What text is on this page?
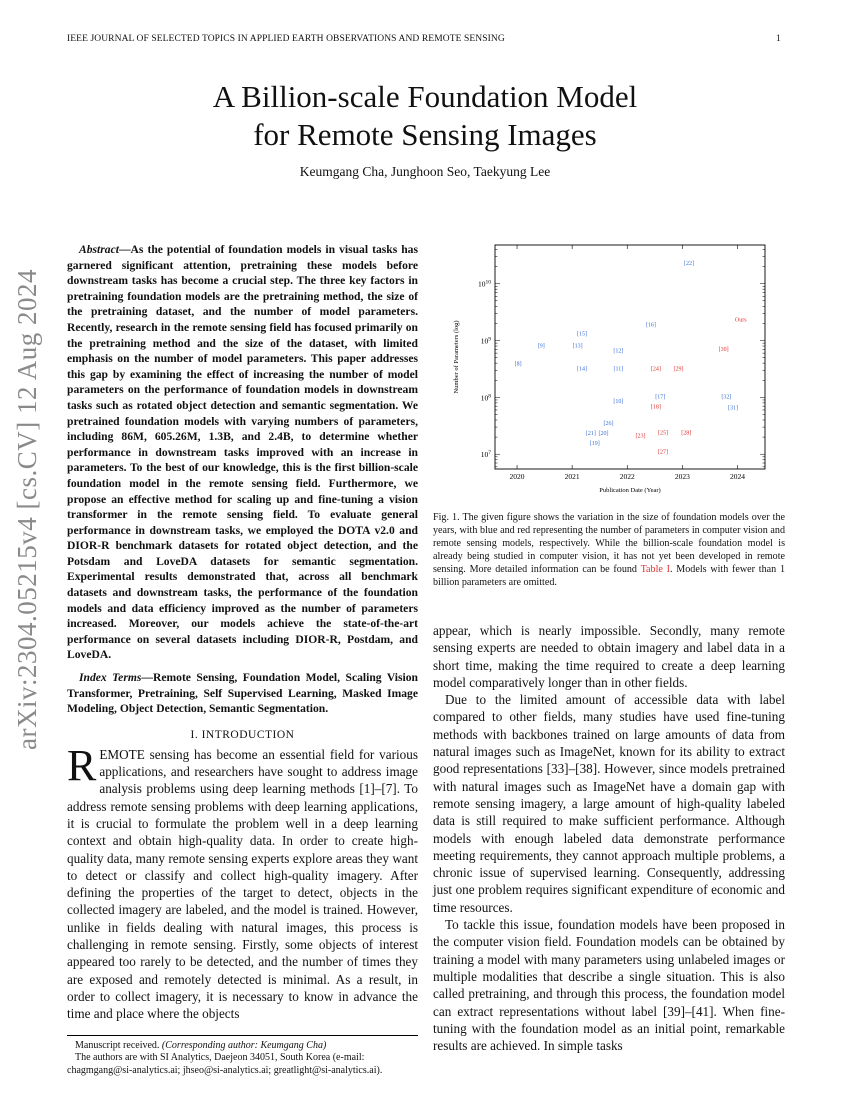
IEEE JOURNAL OF SELECTED TOPICS IN APPLIED EARTH OBSERVATIONS AND REMOTE SENSING	1
A Billion-scale Foundation Model
for Remote Sensing Images
Keumgang Cha, Junghoon Seo, Taekyung Lee
arXiv:2304.05215v4 [cs.CV] 12 Aug 2024

Abstract—As the potential of foundation models in visual tasks has garnered significant attention, pretraining these models before downstream tasks has become a crucial step. The three key factors in pretraining foundation models are the pretraining method, the size of the pretraining dataset, and the number of model parameters. Recently, research in the remote sensing field has focused primarily on the pretraining method and the size of the dataset, with limited emphasis on the number of model parameters. This paper addresses this gap by examining the effect of increasing the number of model parameters on the performance of foundation models in downstream tasks such as rotated object detection and semantic segmentation. We pretrained foundation models with varying numbers of parameters, including 86M, 605.26M, 1.3B, and 2.4B, to determine whether performance in downstream tasks improved with an increase in parameters. To the best of our knowledge, this is the first billion-scale foundation model in the remote sensing field. Furthermore, we propose an effective method for scaling up and fine-tuning a vision transformer in the remote sensing field. To evaluate general performance in downstream tasks, we employed the DOTA v2.0 and DIOR-R benchmark datasets for rotated object detection, and the Potsdam and LoveDA datasets for semantic segmentation. Experimental results demonstrated that, across all benchmark datasets and downstream tasks, the performance of the foundation models and data efficiency improved as the number of parameters increased. Moreover, our models achieve the state-of-the-art performance on several datasets including DIOR-R, Postdam, and LoveDA.

Index Terms—Remote Sensing, Foundation Model, Scaling Vision Transformer, Pretraining, Self Supervised Learning, Masked Image Modeling, Object Detection, Semantic Segmentation.

I. INTRODUCTION

REMOTE sensing has become an essential field for various applications, and researchers have sought to address image analysis problems using deep learning methods [1]–[7]. To address remote sensing problems with deep learning applications, it is crucial to formulate the problem well in a deep learning context and obtain high-quality data. In order to create high-quality data, many remote sensing experts explore areas they want to detect or classify and collect high-quality imagery. After defining the properties of the target to detect, objects in the collected imagery are labeled, and the model is trained. However, unlike in fields dealing with natural images, this process is challenging in remote sensing. Firstly, some objects of interest appeared too rarely to be detected, and the number of times they are exposed and remotely detected is minimal. As a result, in order to collect imagery, it is necessary to know in advance the time and place where the objects

Manuscript received. (Corresponding author: Keumgang Cha)

The authors are with SI Analytics, Daejeon 34051, South Korea (e-mail: chagmgang@si-analytics.ai; jhseo@si-analytics.ai; greatlight@si-analytics.ai).

2020	2021	2022	2023	2024
$10^{10}$
$10^9$
$10^8$
$10^7$
Publication Date (Year)
Number of Parameters (log)	[8]
[9]	[13]
[15]
[14]
[12]
[11]
[10]
[16]
[22]
[17]	[32]
[31]
[21]
[19]
[20]
[26]
[24] [29]
[30]
Ours
[18]
[23] [25] [28]
[27]
Fig. 1. The given figure shows the variation in the size of foundation models over the years, with blue and red representing the number of parameters in computer vision and remote sensing models, respectively. While the billion-scale foundation model is already being studied in computer vision, it has not yet been developed in remote sensing. More detailed information can be found Table I. Models with fewer than 1 billion parameters are omitted.

appear, which is nearly impossible. Secondly, many remote sensing experts are needed to obtain imagery and label data in a short time, making the time required to create a deep learning model comparatively longer than in other fields.

Due to the limited amount of accessible data with label compared to other fields, many studies have used fine-tuning methods with backbones trained on large amounts of data from natural images such as ImageNet, known for its ability to extract good representations [33]–[38]. However, since models pretrained with natural images such as ImageNet have a domain gap with remote sensing imagery, a large amount of high-quality labeled data is still required to make sufficient performance. Although models with enough labeled data demonstrate performance meeting requirements, they cannot approach multiple problems, a chronic issue of supervised learning. Consequently, addressing just one problem requires significant expenditure of economic and time resources.

To tackle this issue, foundation models have been proposed in the computer vision field. Foundation models can be obtained by training a model with many parameters using unlabeled images or multiple modalities that describe a single situation. This is also called pretraining, and through this process, the foundation model can extract representations without label [39]–[41]. When fine-tuning with the foundation model as an initial point, remarkable results are achieved. In simple tasks
